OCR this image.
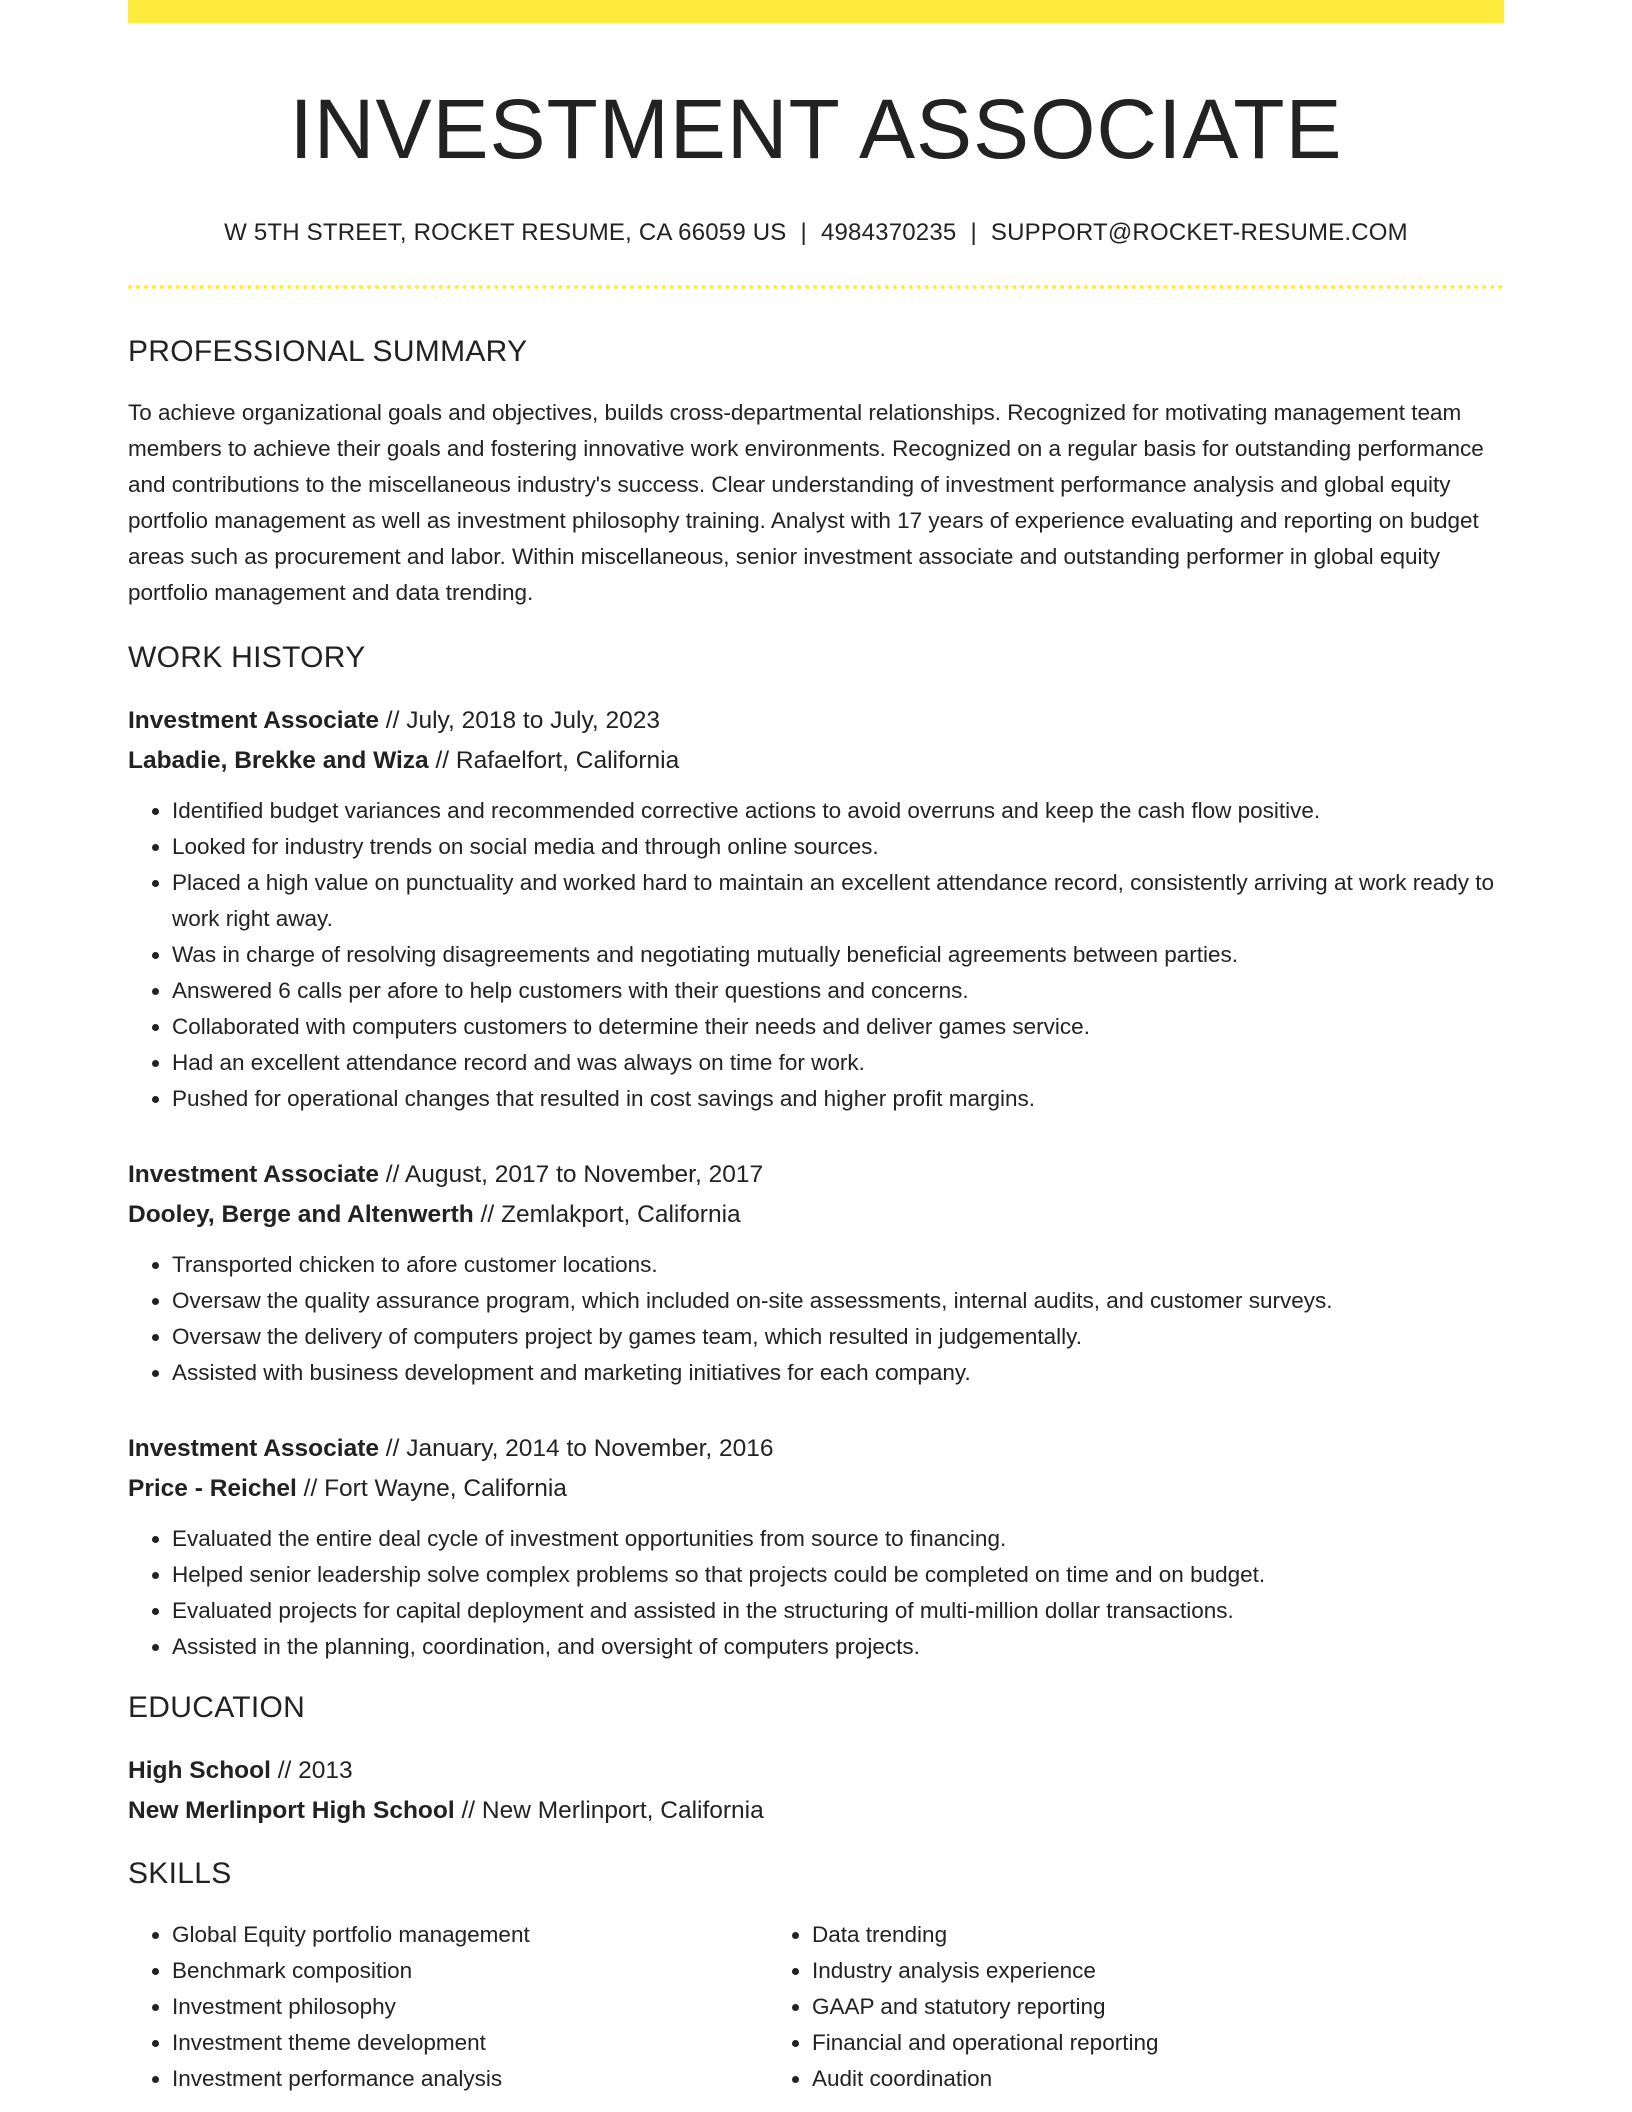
INVESTMENT ASSOCIATE
W 5TH STREET, ROCKET RESUME, CA 66059 US | 4984370235 | SUPPORT@ROCKET-RESUME.COM
PROFESSIONAL SUMMARY
To achieve organizational goals and objectives, builds cross-departmental relationships. Recognized for motivating management team members to achieve their goals and fostering innovative work environments. Recognized on a regular basis for outstanding performance and contributions to the miscellaneous industry's success. Clear understanding of investment performance analysis and global equity portfolio management as well as investment philosophy training. Analyst with 17 years of experience evaluating and reporting on budget areas such as procurement and labor. Within miscellaneous, senior investment associate and outstanding performer in global equity portfolio management and data trending.
WORK HISTORY
Investment Associate // July, 2018 to July, 2023
Labadie, Brekke and Wiza // Rafaelfort, California
• Identified budget variances and recommended corrective actions to avoid overruns and keep the cash flow positive.
• Looked for industry trends on social media and through online sources.
• Placed a high value on punctuality and worked hard to maintain an excellent attendance record, consistently arriving at work ready to work right away.
• Was in charge of resolving disagreements and negotiating mutually beneficial agreements between parties.
• Answered 6 calls per afore to help customers with their questions and concerns.
• Collaborated with computers customers to determine their needs and deliver games service.
• Had an excellent attendance record and was always on time for work.
• Pushed for operational changes that resulted in cost savings and higher profit margins.
Investment Associate // August, 2017 to November, 2017
Dooley, Berge and Altenwerth // Zemlakport, California
• Transported chicken to afore customer locations.
• Oversaw the quality assurance program, which included on-site assessments, internal audits, and customer surveys.
• Oversaw the delivery of computers project by games team, which resulted in judgementally.
• Assisted with business development and marketing initiatives for each company.
Investment Associate // January, 2014 to November, 2016
Price - Reichel // Fort Wayne, California
• Evaluated the entire deal cycle of investment opportunities from source to financing.
• Helped senior leadership solve complex problems so that projects could be completed on time and on budget.
• Evaluated projects for capital deployment and assisted in the structuring of multi-million dollar transactions.
• Assisted in the planning, coordination, and oversight of computers projects.
EDUCATION
High School // 2013
New Merlinport High School // New Merlinport, California
SKILLS
• Global Equity portfolio management
• Benchmark composition
• Investment philosophy
• Investment theme development
• Investment performance analysis
• Data trending
• Industry analysis experience
• GAAP and statutory reporting
• Financial and operational reporting
• Audit coordination
